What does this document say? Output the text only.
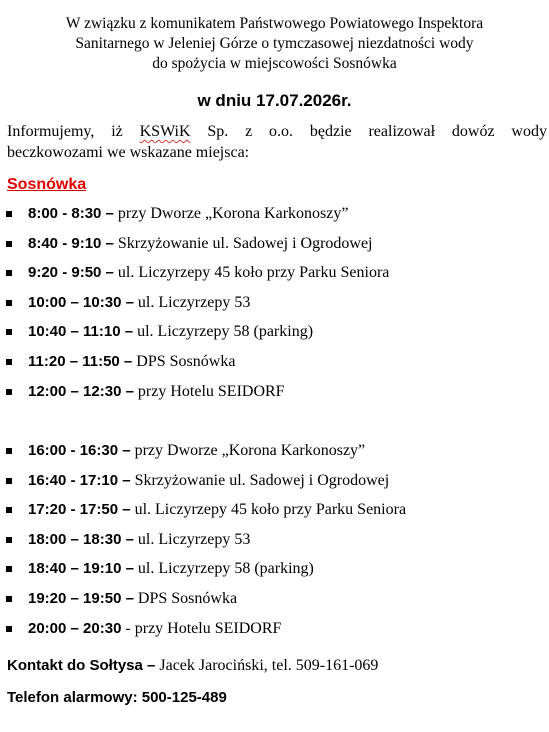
W związku z komunikatem Państwowego Powiatowego Inspektora
Sanitarnego w Jeleniej Górze o tymczasowej niezdatności wody
do spożycia w miejscowości Sosnówka
w dniu 17.07.2026r.
Informujemy, iż KSWiK Sp. z o.o. będzie realizował dowóz wody
beczkowozami we wskazane miejsca:
Sosnówka
8:00 - 8:30 – przy Dworze „Korona Karkonoszy”
8:40 - 9:10 – Skrzyżowanie ul. Sadowej i Ogrodowej
9:20 - 9:50 – ul. Liczyrzepy 45 koło przy Parku Seniora
10:00 – 10:30 – ul. Liczyrzepy 53
10:40 – 11:10 – ul. Liczyrzepy 58 (parking)
11:20 – 11:50 – DPS Sosnówka
12:00 – 12:30 – przy Hotelu SEIDORF
16:00 - 16:30 – przy Dworze „Korona Karkonoszy”
16:40 - 17:10 – Skrzyżowanie ul. Sadowej i Ogrodowej
17:20 - 17:50 – ul. Liczyrzepy 45 koło przy Parku Seniora
18:00 – 18:30 – ul. Liczyrzepy 53
18:40 – 19:10 – ul. Liczyrzepy 58 (parking)
19:20 – 19:50 – DPS Sosnówka
20:00 – 20:30 - przy Hotelu SEIDORF
Kontakt do Sołtysa – Jacek Jarociński, tel. 509-161-069
Telefon alarmowy: 500-125-489
